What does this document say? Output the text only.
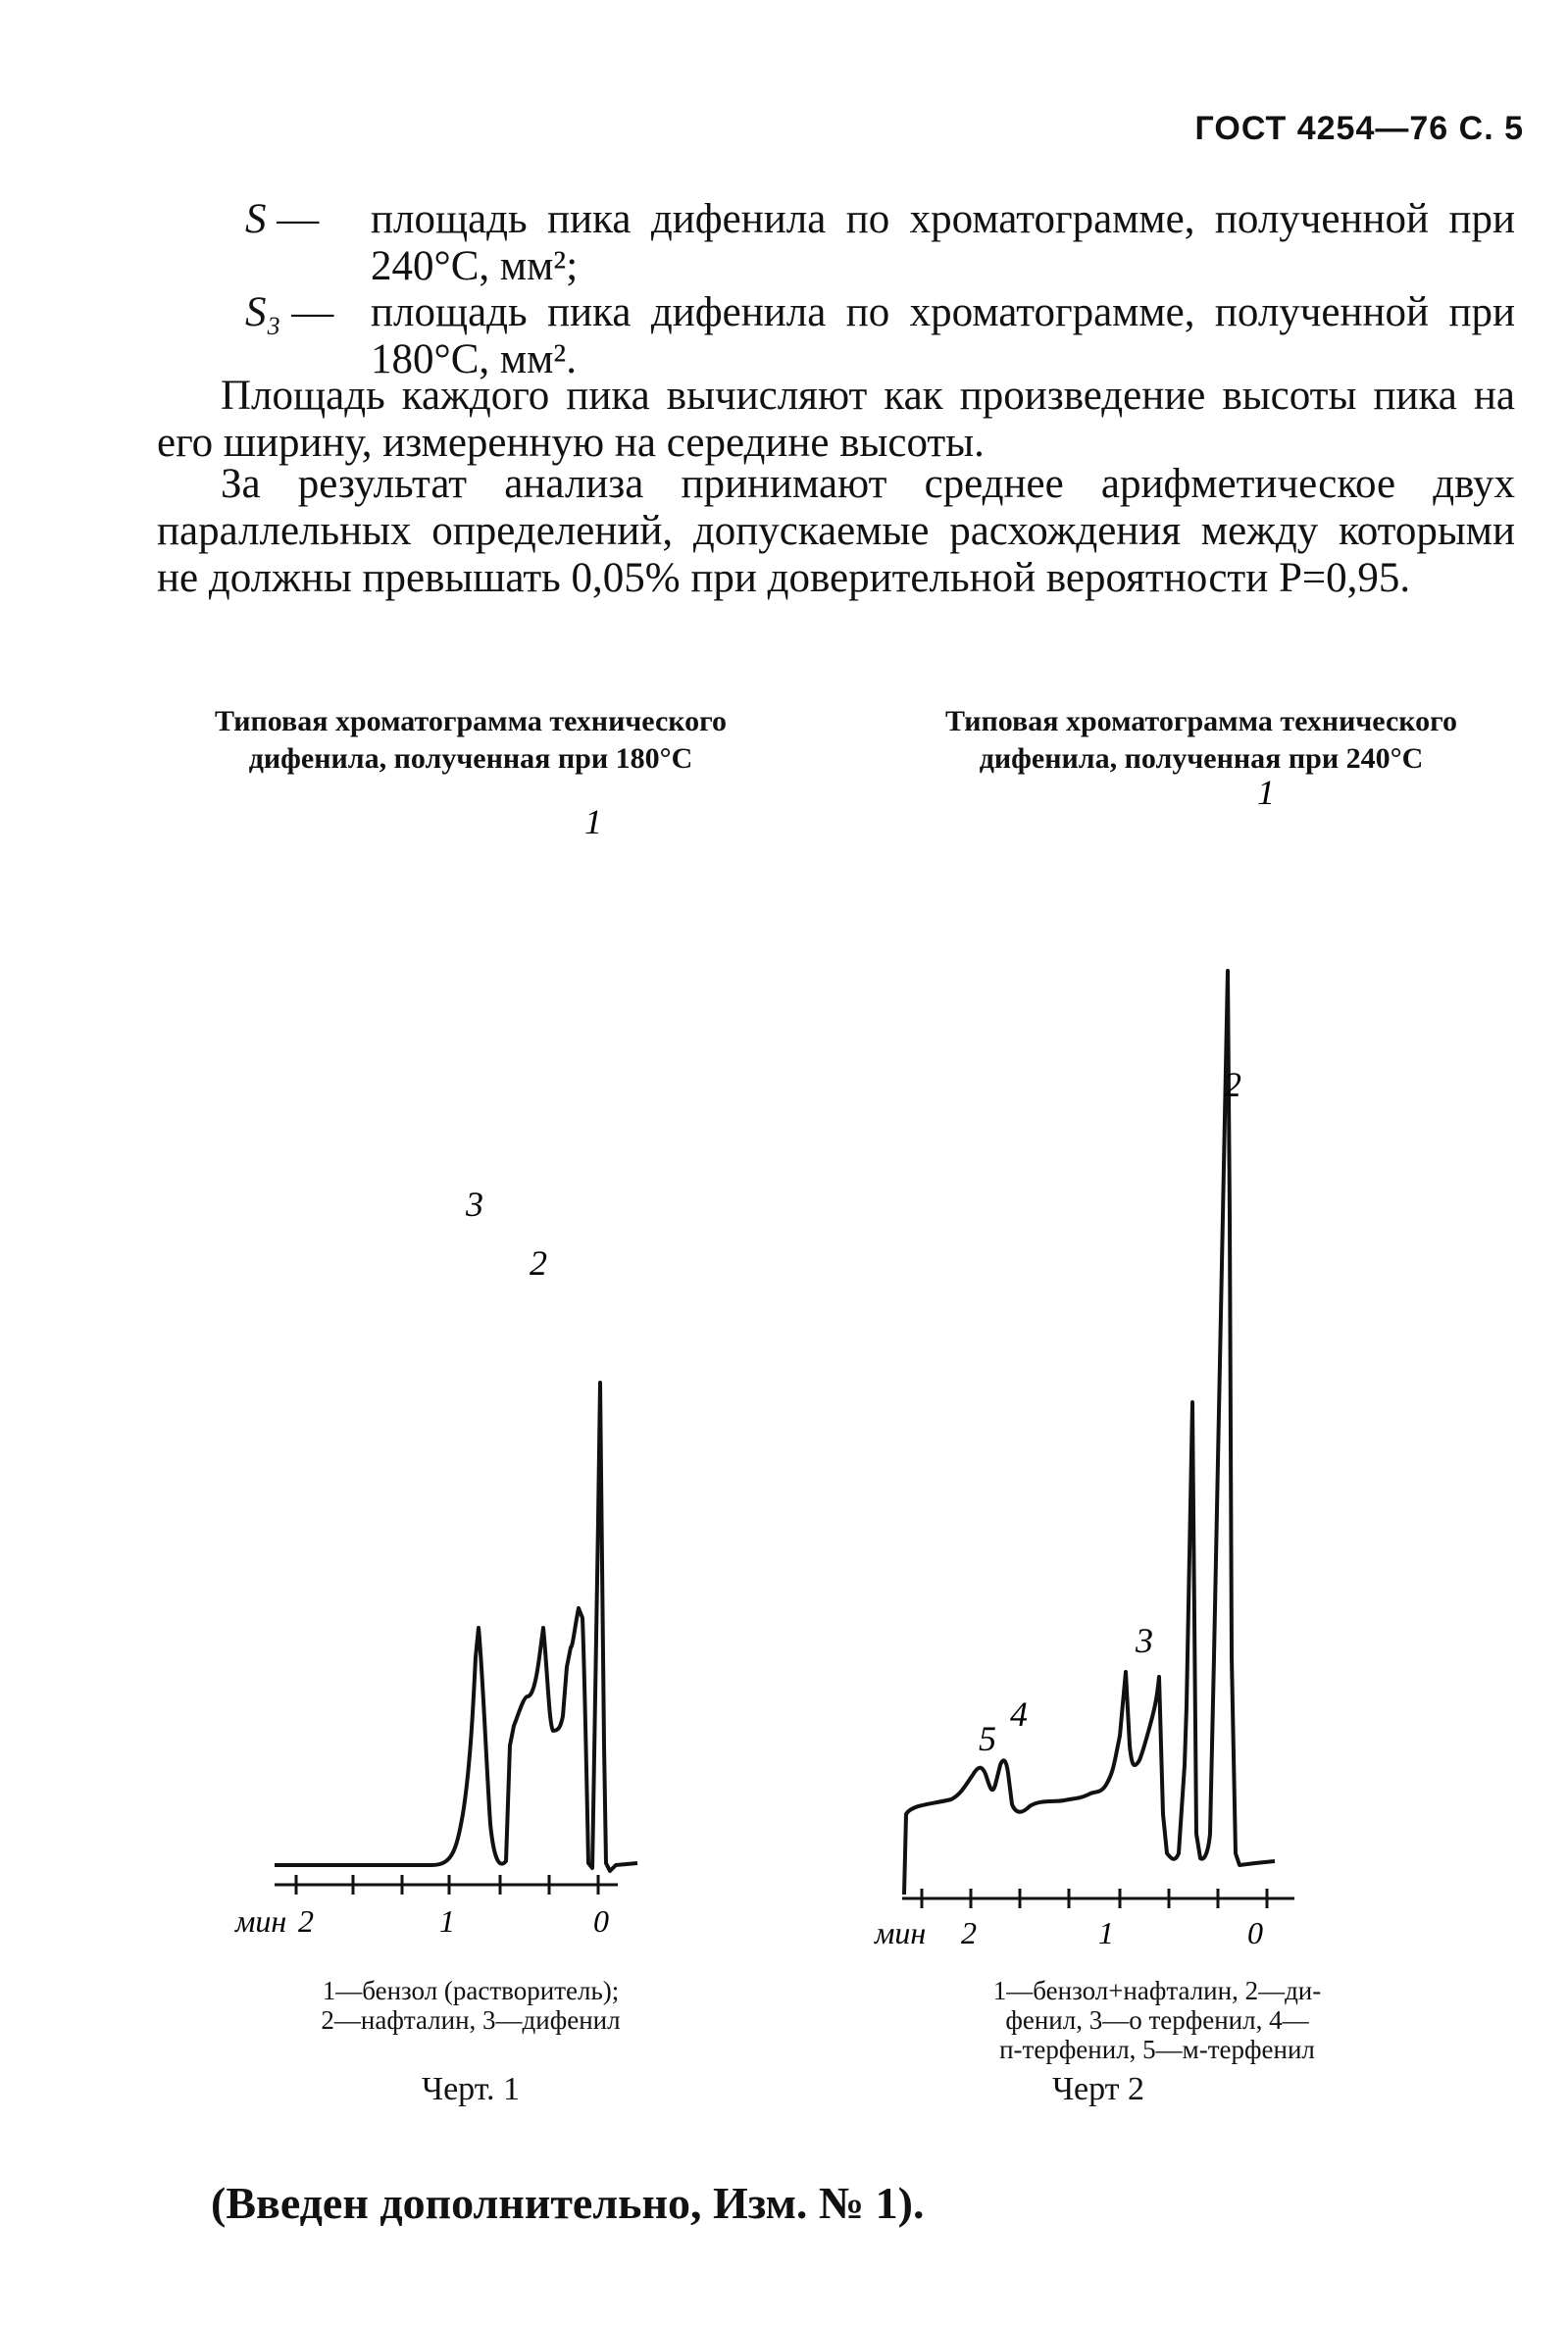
ГОСТ 4254—76 С. 5
S — площадь пика дифенила по хроматограмме, полученной при 240°С, мм²;
S₃ — площадь пика дифенила по хроматограмме, полученной при 180°С, мм².
Площадь каждого пика вычисляют как произведение высоты пика на его ширину, измеренную на середине высоты.
За результат анализа принимают среднее арифметическое двух параллельных определений, допускаемые расхождения между которыми не должны превышать 0,05% при доверительной вероятности Р=0,95.
Типовая хроматограмма технического
дифенила, полученная при 180°С
мин 2	1	0
1
2
3
1—бензол (растворитель);
2—нафталин, 3—дифенил
Черт. 1
Типовая хроматограмма технического
дифенила, полученная при 240°С
мин 2	1	0
1
2
3
4
5
1—бензол+нафталин, 2—ди-
фенил, 3—о терфенил, 4—
п-терфенил, 5—м-терфенил
Черт 2
(Введен дополнительно, Изм. № 1).
